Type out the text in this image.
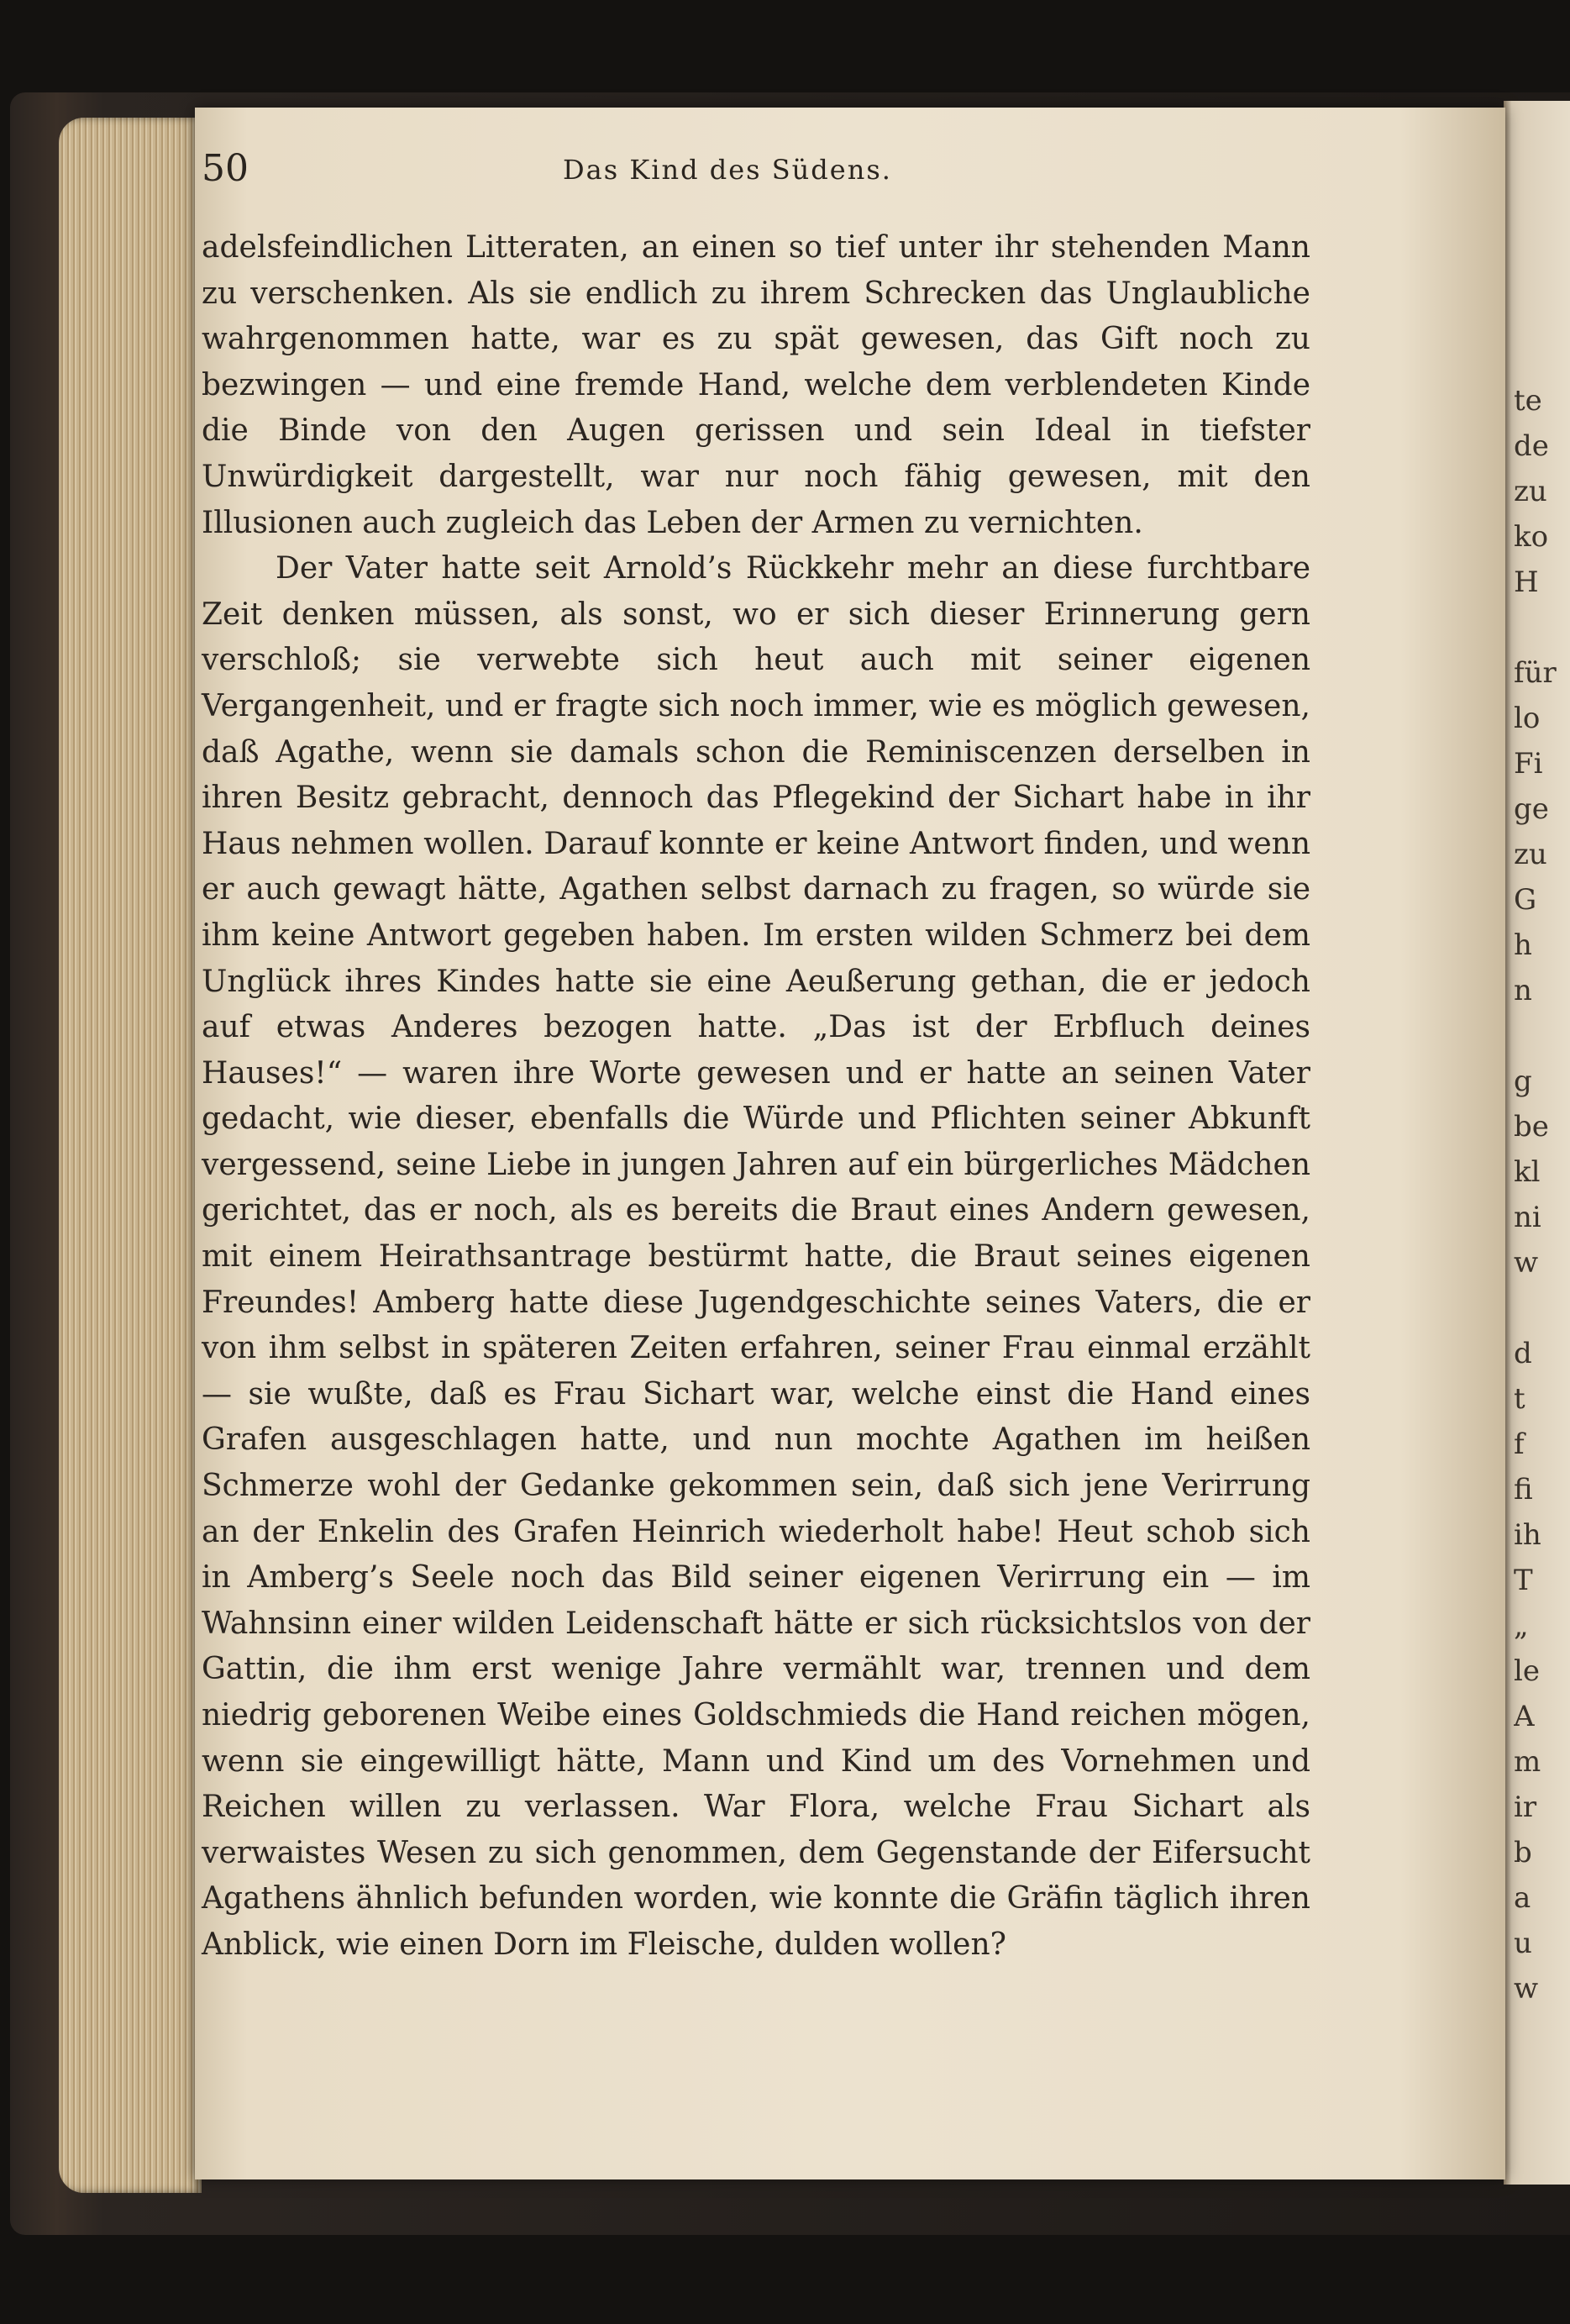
te
de
zu
ko
H

für
lo
Fi
ge
zu
G
h
n

g
be
kl
ni
w

d
t
f
fi
ih
T
„
le
A
m
ir
b
a
u
w
50	Das Kind des Südens.

adelsfeindlichen Litteraten, an einen so tief unter ihr stehenden Mann zu verschenken. Als sie endlich zu ihrem Schrecken das Unglaubliche wahrgenommen hatte, war es zu spät gewesen, das Gift noch zu bezwingen — und eine fremde Hand, welche dem verblendeten Kinde die Binde von den Augen gerissen und sein Ideal in tiefster Unwürdigkeit dargestellt, war nur noch fähig gewesen, mit den Illusionen auch zugleich das Leben der Armen zu vernichten.

Der Vater hatte seit Arnold’s Rückkehr mehr an diese furchtbare Zeit denken müssen, als sonst, wo er sich dieser Erinnerung gern verschloß; sie verwebte sich heut auch mit seiner eigenen Vergangenheit, und er fragte sich noch immer, wie es möglich gewesen, daß Agathe, wenn sie damals schon die Reminiscenzen derselben in ihren Besitz gebracht, dennoch das Pflegekind der Sichart habe in ihr Haus nehmen wollen. Darauf konnte er keine Antwort finden, und wenn er auch gewagt hätte, Agathen selbst darnach zu fragen, so würde sie ihm keine Antwort gegeben haben. Im ersten wilden Schmerz bei dem Unglück ihres Kindes hatte sie eine Aeußerung gethan, die er jedoch auf etwas Anderes bezogen hatte. „Das ist der Erbfluch deines Hauses!“ — waren ihre Worte gewesen und er hatte an seinen Vater gedacht, wie dieser, ebenfalls die Würde und Pflichten seiner Abkunft vergessend, seine Liebe in jungen Jahren auf ein bürgerliches Mädchen gerichtet, das er noch, als es bereits die Braut eines Andern gewesen, mit einem Heirathsantrage bestürmt hatte, die Braut seines eigenen Freundes! Amberg hatte diese Jugendgeschichte seines Vaters, die er von ihm selbst in späteren Zeiten erfahren, seiner Frau einmal erzählt — sie wußte, daß es Frau Sichart war, welche einst die Hand eines Grafen ausgeschlagen hatte, und nun mochte Agathen im heißen Schmerze wohl der Gedanke gekommen sein, daß sich jene Verirrung an der Enkelin des Grafen Heinrich wiederholt habe! Heut schob sich in Amberg’s Seele noch das Bild seiner eigenen Verirrung ein — im Wahnsinn einer wilden Leidenschaft hätte er sich rücksichtslos von der Gattin, die ihm erst wenige Jahre vermählt war, trennen und dem niedrig geborenen Weibe eines Goldschmieds die Hand reichen mögen, wenn sie eingewilligt hätte, Mann und Kind um des Vornehmen und Reichen willen zu verlassen. War Flora, welche Frau Sichart als verwaistes Wesen zu sich genommen, dem Gegenstande der Eifersucht Agathens ähnlich befunden worden, wie konnte die Gräfin täglich ihren Anblick, wie einen Dorn im Fleische, dulden wollen?
